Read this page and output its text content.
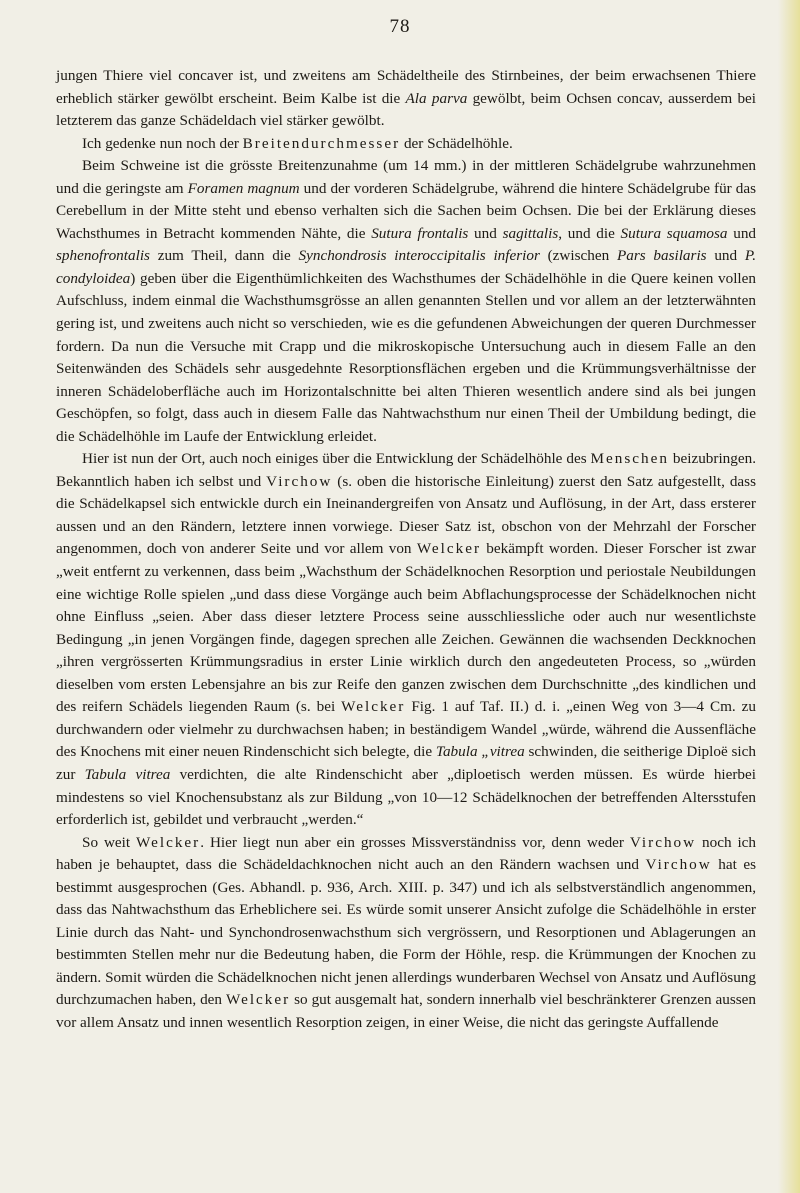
78

jungen Thiere viel concaver ist, und zweitens am Schädeltheile des Stirnbeines, der beim erwachsenen Thiere erheblich stärker gewölbt erscheint. Beim Kalbe ist die Ala parva gewölbt, beim Ochsen concav, ausserdem bei letzterem das ganze Schädeldach viel stärker gewölbt.

Ich gedenke nun noch der Breitendurchmesser der Schädelhöhle.

Beim Schweine ist die grösste Breitenzunahme (um 14 mm.) in der mittleren Schädelgrube wahrzunehmen und die geringste am Foramen magnum und der vorderen Schädelgrube, während die hintere Schädelgrube für das Cerebellum in der Mitte steht und ebenso verhalten sich die Sachen beim Ochsen. Die bei der Erklärung dieses Wachsthumes in Betracht kommenden Nähte, die Sutura frontalis und sagittalis, und die Sutura squamosa und sphenofrontalis zum Theil, dann die Synchondrosis interoccipitalis inferior (zwischen Pars basilaris und P. condyloidea) geben über die Eigenthümlichkeiten des Wachsthumes der Schädelhöhle in die Quere keinen vollen Aufschluss, indem einmal die Wachsthumsgrösse an allen genannten Stellen und vor allem an der letzterwähnten gering ist, und zweitens auch nicht so verschieden, wie es die gefundenen Abweichungen der queren Durchmesser fordern. Da nun die Versuche mit Crapp und die mikroskopische Untersuchung auch in diesem Falle an den Seitenwänden des Schädels sehr ausgedehnte Resorptionsflächen ergeben und die Krümmungsverhältnisse der inneren Schädeloberfläche auch im Horizontalschnitte bei alten Thieren wesentlich andere sind als bei jungen Geschöpfen, so folgt, dass auch in diesem Falle das Nahtwachsthum nur einen Theil der Umbildung bedingt, die die Schädelhöhle im Laufe der Entwicklung erleidet.

Hier ist nun der Ort, auch noch einiges über die Entwicklung der Schädelhöhle des Menschen beizubringen. Bekanntlich haben ich selbst und Virchow (s. oben die historische Einleitung) zuerst den Satz aufgestellt, dass die Schädelkapsel sich entwickle durch ein Ineinandergreifen von Ansatz und Auflösung, in der Art, dass ersterer aussen und an den Rändern, letztere innen vorwiege. Dieser Satz ist, obschon von der Mehrzahl der Forscher angenommen, doch von anderer Seite und vor allem von Welcker bekämpft worden. Dieser Forscher ist zwar „weit entfernt zu verkennen, dass beim „Wachsthum der Schädelknochen Resorption und periostale Neubildungen eine wichtige Rolle spielen „und dass diese Vorgänge auch beim Abflachungsprocesse der Schädelknochen nicht ohne Einfluss „seien. Aber dass dieser letztere Process seine ausschliessliche oder auch nur wesentlichste Bedingung „in jenen Vorgängen finde, dagegen sprechen alle Zeichen. Gewännen die wachsenden Deckknochen „ihren vergrösserten Krümmungsradius in erster Linie wirklich durch den angedeuteten Process, so „würden dieselben vom ersten Lebensjahre an bis zur Reife den ganzen zwischen dem Durchschnitte „des kindlichen und des reifern Schädels liegenden Raum (s. bei Welcker Fig. 1 auf Taf. II.) d. i. „einen Weg von 3—4 Cm. zu durchwandern oder vielmehr zu durchwachsen haben; in beständigem Wandel „würde, während die Aussenfläche des Knochens mit einer neuen Rindenschicht sich belegte, die Tabula „vitrea schwinden, die seitherige Diploë sich zur Tabula vitrea verdichten, die alte Rindenschicht aber „diploetisch werden müssen. Es würde hierbei mindestens so viel Knochensubstanz als zur Bildung „von 10—12 Schädelknochen der betreffenden Altersstufen erforderlich ist, gebildet und verbraucht „werden.“

So weit Welcker. Hier liegt nun aber ein grosses Missverständniss vor, denn weder Virchow noch ich haben je behauptet, dass die Schädeldachknochen nicht auch an den Rändern wachsen und Virchow hat es bestimmt ausgesprochen (Ges. Abhandl. p. 936, Arch. XIII. p. 347) und ich als selbstverständlich angenommen, dass das Nahtwachsthum das Erheblichere sei. Es würde somit unserer Ansicht zufolge die Schädelhöhle in erster Linie durch das Naht- und Synchondrosenwachsthum sich vergrössern, und Resorptionen und Ablagerungen an bestimmten Stellen mehr nur die Bedeutung haben, die Form der Höhle, resp. die Krümmungen der Knochen zu ändern. Somit würden die Schädelknochen nicht jenen allerdings wunderbaren Wechsel von Ansatz und Auflösung durchzumachen haben, den Welcker so gut ausgemalt hat, sondern innerhalb viel beschränkterer Grenzen aussen vor allem Ansatz und innen wesentlich Resorption zeigen, in einer Weise, die nicht das geringste Auffallende
